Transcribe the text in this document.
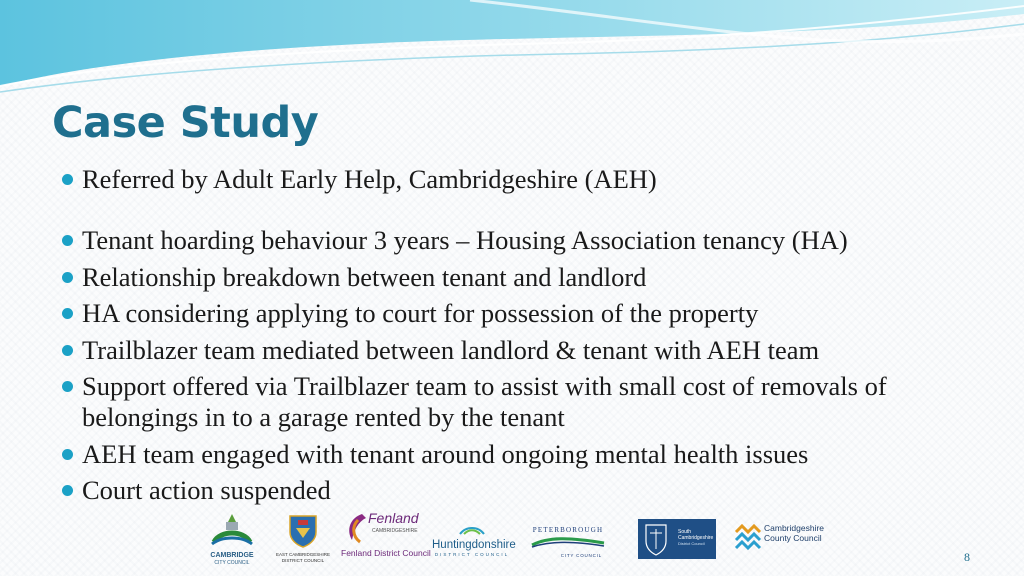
Case Study
Referred by Adult Early Help, Cambridgeshire (AEH)
Tenant hoarding behaviour 3 years – Housing Association tenancy (HA)
Relationship breakdown between tenant and landlord
HA considering applying to court for possession of the property
Trailblazer team mediated between landlord & tenant with AEH team
Support offered via Trailblazer team to assist with small cost of removals of belongings in to a garage rented by the tenant
AEH team engaged with tenant around ongoing mental health issues
Court action suspended
CAMBRIDGE
CITY COUNCIL
EAST CAMBRIDGESHIRE
DISTRICT COUNCIL
Fenland
CAMBRIDGESHIRE
Fenland District Council
Huntingdonshire
DISTRICT COUNCIL
PETERBOROUGH
CITY COUNCIL
South
Cambridgeshire
District Council
Cambridgeshire
County Council
8
